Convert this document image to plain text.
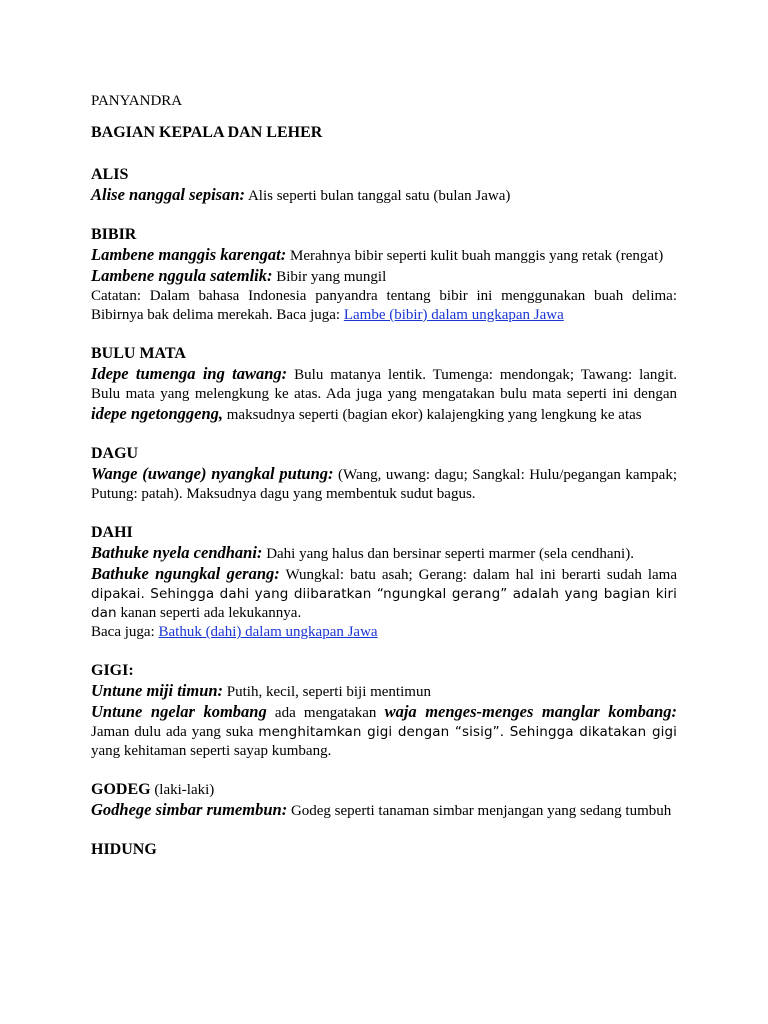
PANYANDRA

BAGIAN KEPALA DAN LEHER

ALIS

Alise nanggal sepisan: Alis seperti bulan tanggal satu (bulan Jawa)

BIBIR

Lambene manggis karengat: Merahnya bibir seperti kulit buah manggis yang retak (rengat)

Lambene nggula satemlik: Bibir yang mungil

Catatan: Dalam bahasa Indonesia panyandra tentang bibir ini menggunakan buah delima: Bibirnya bak delima merekah. Baca juga: Lambe (bibir) dalam ungkapan Jawa

BULU MATA

Idepe tumenga ing tawang: Bulu matanya lentik. Tumenga: mendongak; Tawang: langit. Bulu mata yang melengkung ke atas. Ada juga yang mengatakan bulu mata seperti ini dengan idepe ngetonggeng, maksudnya seperti (bagian ekor) kalajengking yang lengkung ke atas

DAGU

Wange (uwange) nyangkal putung: (Wang, uwang: dagu; Sangkal: Hulu/pegangan kampak; Putung: patah). Maksudnya dagu yang membentuk sudut bagus.

DAHI

Bathuke nyela cendhani: Dahi yang halus dan bersinar seperti marmer (sela cendhani).

Bathuke ngungkal gerang: Wungkal: batu asah; Gerang: dalam hal ini berarti sudah lama dipakai. Sehingga dahi yang diibaratkan “ngungkal gerang” adalah yang bagian kiri dan kanan seperti ada lekukannya.

Baca juga: Bathuk (dahi) dalam ungkapan Jawa

GIGI:

Untune miji timun: Putih, kecil, seperti biji mentimun

Untune ngelar kombang ada mengatakan waja menges-menges manglar kombang: Jaman dulu ada yang suka menghitamkan gigi dengan “sisig”. Sehingga dikatakan gigi yang kehitaman seperti sayap kumbang.

GODEG (laki-laki)

Godhege simbar rumembun: Godeg seperti tanaman simbar menjangan yang sedang tumbuh

HIDUNG
